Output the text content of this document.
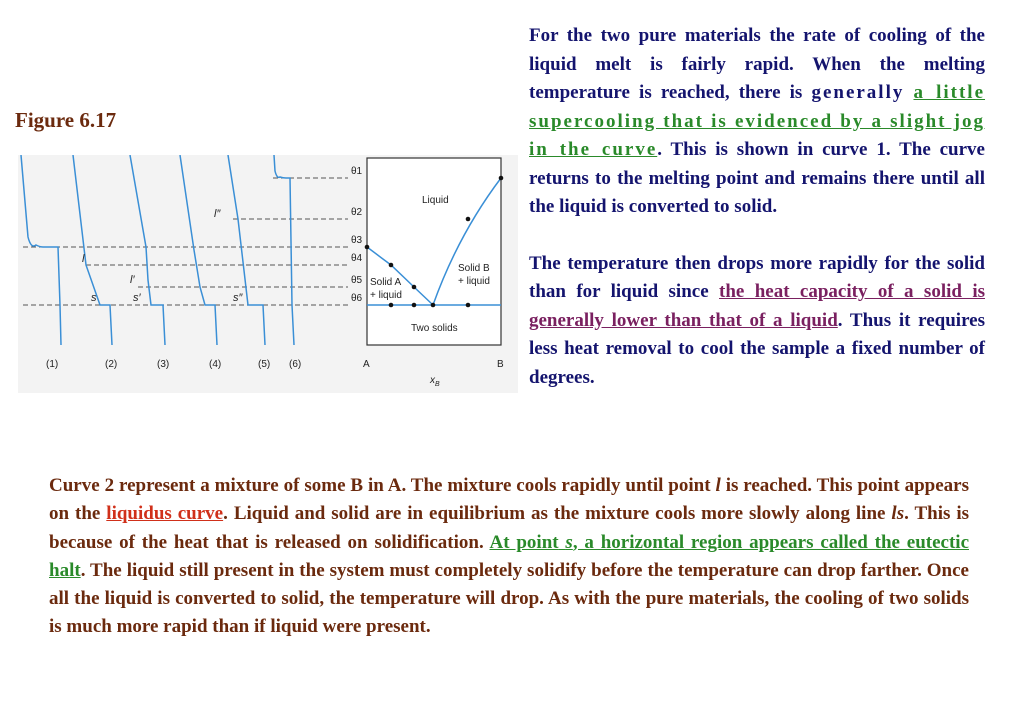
Figure 6.17
θ1
θ2
θ3
θ4
θ5
θ6
Liquid
Solid A
+ liquid
Solid B
+ liquid
Two solids
l
l′
l″
s	s′	s″
(1)	(2)	(3)	(4)	(5) (6)	A	B
$x_B$

For the two pure materials the rate of cooling of the liquid melt is fairly rapid. When the melting temperature is reached, there is generally a little supercooling that is evidenced by a slight jog in the curve. This is shown in curve 1. The curve returns to the melting point and remains there until all the liquid is converted to solid.

The temperature then drops more rapidly for the solid than for liquid since the heat capacity of a solid is generally lower than that of a liquid. Thus it requires less heat removal to cool the sample a fixed number of degrees.

Curve 2 represent a mixture of some B in A. The mixture cools rapidly until point l is reached. This point appears on the liquidus curve. Liquid and solid are in equilibrium as the mixture cools more slowly along line ls. This is because of the heat that is released on solidification. At point s, a horizontal region appears called the eutectic halt. The liquid still present in the system must completely solidify before the temperature can drop farther. Once all the liquid is converted to solid, the temperature will drop. As with the pure materials, the cooling of two solids is much more rapid than if liquid were present.
